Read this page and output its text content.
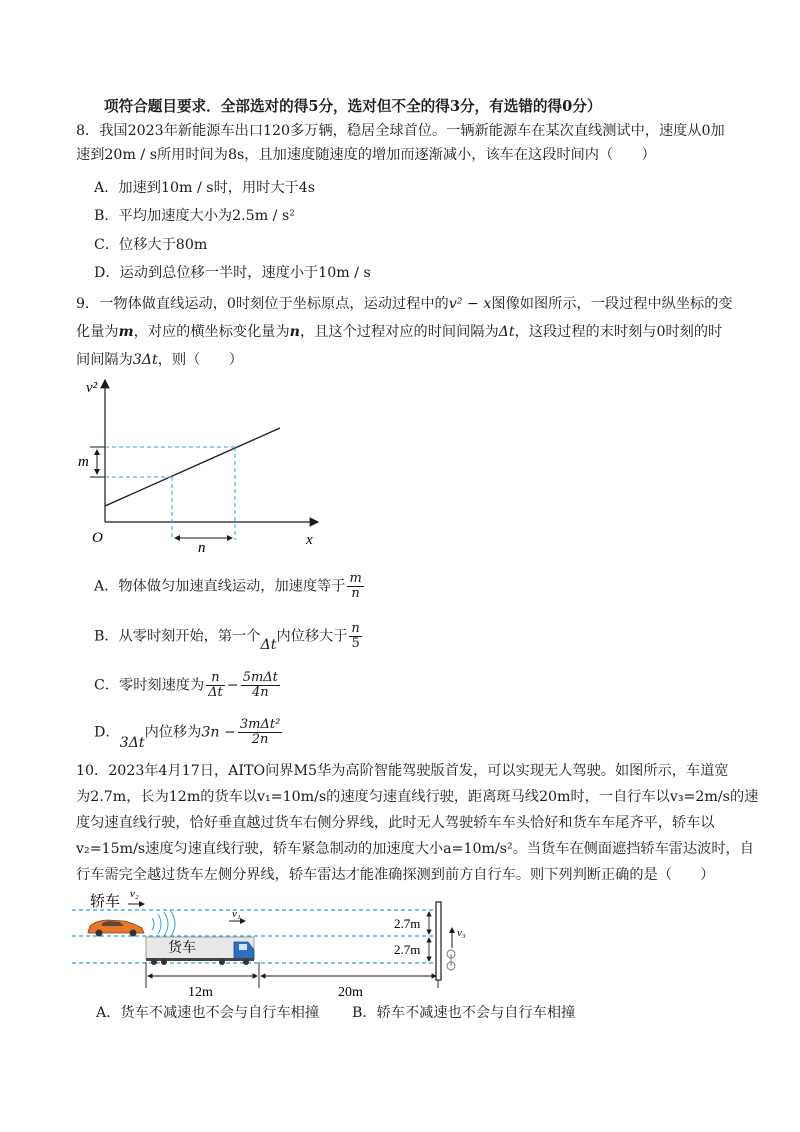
项符合题目要求．全部选对的得5分，选对但不全的得3分，有选错的得0分）
8．我国2023年新能源车出口120多万辆，稳居全球首位。一辆新能源车在某次直线测试中，速度从0加
速到20m / s所用时间为8s，且加速度随速度的增加而逐渐减小，该车在这段时间内（　　）
A．加速到10m / s时，用时大于4s
B．平均加速度大小为2.5m / s²
C．位移大于80m
D．运动到总位移一半时，速度小于10m / s
9．一物体做直线运动，0时刻位于坐标原点，运动过程中的v² − x图像如图所示，一段过程中纵坐标的变
化量为m，对应的横坐标变化量为n，且这个过程对应的时间间隔为Δt，这段过程的末时刻与0时刻的时
间间隔为3Δt，则（　　）
v²
x
O
m
n
A．物体做匀加速直线运动，加速度等于 $\frac{m}{n}$
B．从零时刻开始，第一个Δt内位移大于 $\frac{n}{5}$
C．零时刻速度为 $\frac{n}{\Delta t} - \frac{\text{5mΔt}}{4n}$
D．3Δt内位移为$3n - \frac{\text{3mΔt²}}{2n}$
10．2023年4月17日，AITO问界M5华为高阶智能驾驶版首发，可以实现无人驾驶。如图所示，车道宽
为2.7m，长为12m的货车以v₁=10m/s的速度匀速直线行驶，距离斑马线20m时，一自行车以v₃=2m/s的速
度匀速直线行驶，恰好垂直越过货车右侧分界线，此时无人驾驶轿车车头恰好和货车车尾齐平，轿车以
v₂=15m/s速度匀速直线行驶，轿车紧急制动的加速度大小a=10m/s²。当货车在侧面遮挡轿车雷达波时，自
行车需完全越过货车左侧分界线，轿车雷达才能准确探测到前方自行车。则下列判断正确的是（　　）
轿车 v₂
货车
v₁
2.7m
2.7m
v₃
12m	20m
A．货车不减速也不会与自行车相撞 B．轿车不减速也不会与自行车相撞
